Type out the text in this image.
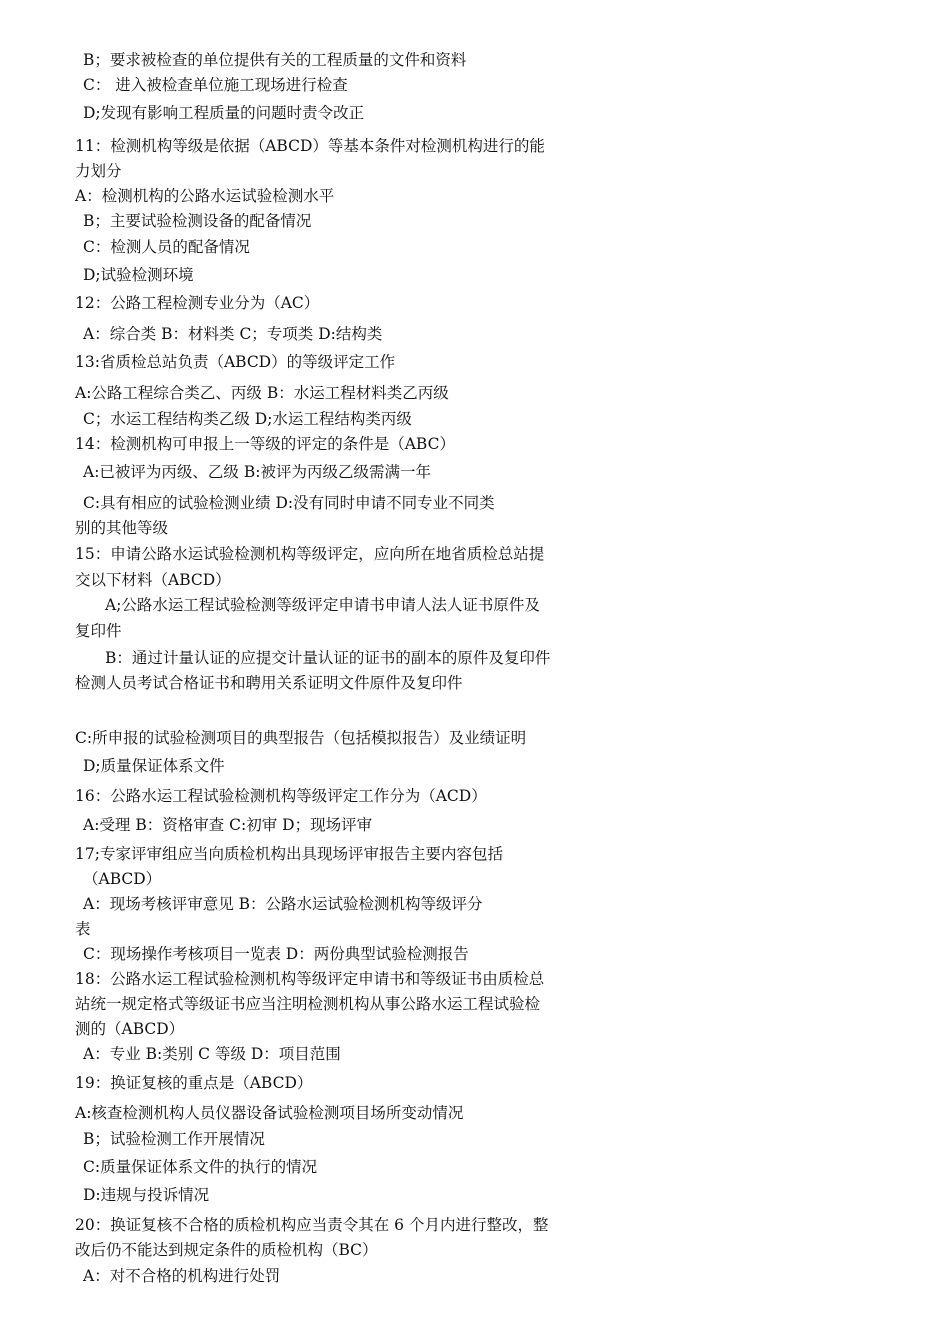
B；要求被检查的单位提供有关的工程质量的文件和资料
C： 进入被检查单位施工现场进行检查
D;发现有影响工程质量的问题时责令改正
11：检测机构等级是依据（ABCD）等基本条件对检测机构进行的能
力划分
A：检测机构的公路水运试验检测水平
B；主要试验检测设备的配备情况
C：检测人员的配备情况
D;试验检测环境
12：公路工程检测专业分为（AC）
A：综合类 B：材料类 C；专项类 D:结构类
13:省质检总站负责（ABCD）的等级评定工作
A:公路工程综合类乙、丙级 B：水运工程材料类乙丙级
C；水运工程结构类乙级 D;水运工程结构类丙级
14：检测机构可申报上一等级的评定的条件是（ABC）
A:已被评为丙级、乙级 B:被评为丙级乙级需满一年
C:具有相应的试验检测业绩 D:没有同时申请不同专业不同类
别的其他等级
15：申请公路水运试验检测机构等级评定，应向所在地省质检总站提
交以下材料（ABCD）
A;公路水运工程试验检测等级评定申请书申请人法人证书原件及
复印件
B：通过计量认证的应提交计量认证的证书的副本的原件及复印件
检测人员考试合格证书和聘用关系证明文件原件及复印件
C:所申报的试验检测项目的典型报告（包括模拟报告）及业绩证明
D;质量保证体系文件
16：公路水运工程试验检测机构等级评定工作分为（ACD）
A:受理 B：资格审查 C:初审 D；现场评审
17;专家评审组应当向质检机构出具现场评审报告主要内容包括
（ABCD）
A：现场考核评审意见 B：公路水运试验检测机构等级评分
表
C：现场操作考核项目一览表 D：两份典型试验检测报告
18：公路水运工程试验检测机构等级评定申请书和等级证书由质检总
站统一规定格式等级证书应当注明检测机构从事公路水运工程试验检
测的（ABCD）
A：专业 B:类别 C 等级 D：项目范围
19：换证复核的重点是（ABCD）
A:核查检测机构人员仪器设备试验检测项目场所变动情况
B；试验检测工作开展情况
C:质量保证体系文件的执行的情况
D:违规与投诉情况
20：换证复核不合格的质检机构应当责令其在 6 个月内进行整改，整
改后仍不能达到规定条件的质检机构（BC）
A：对不合格的机构进行处罚
